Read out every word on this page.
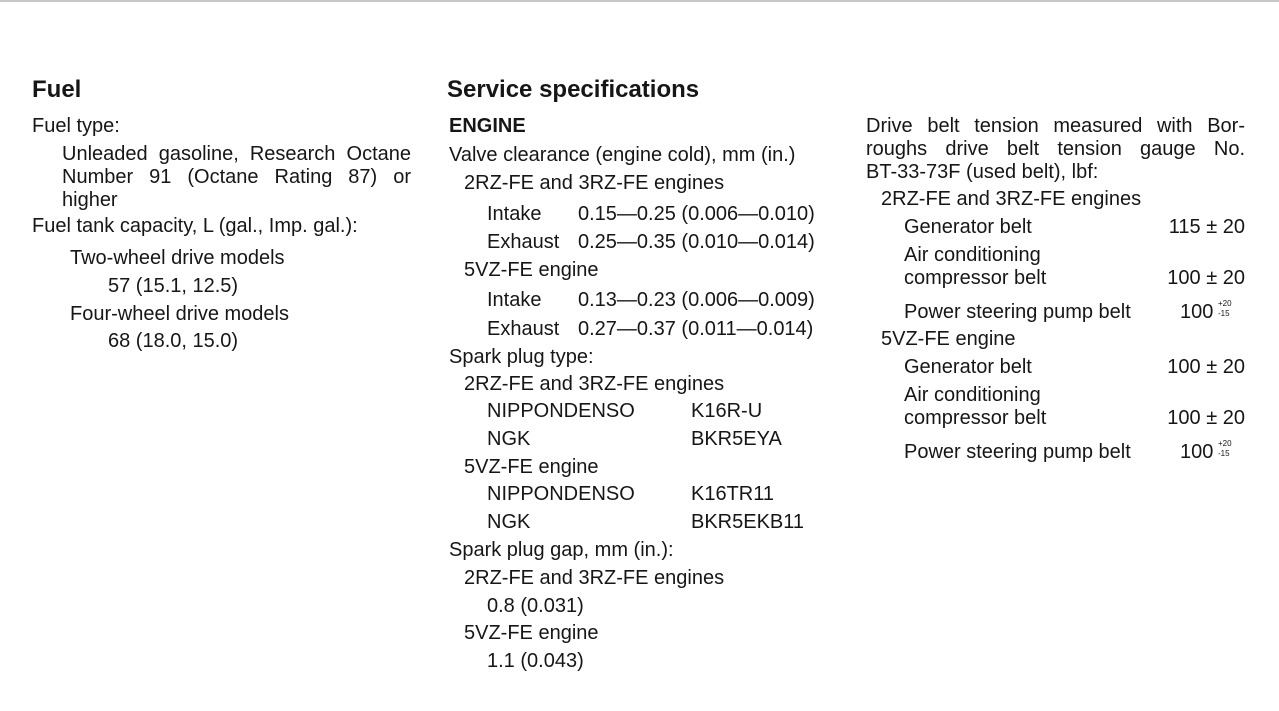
Fuel
Fuel type:
Unleaded gasoline, Research Octane
Number 91 (Octane Rating 87) or
higher
Fuel tank capacity, L (gal., Imp. gal.):
Two-wheel drive models
57 (15.1, 12.5)
Four-wheel drive models
68 (18.0, 15.0)
Service specifications
ENGINE
Valve clearance (engine cold), mm (in.)
2RZ-FE and 3RZ-FE engines
Intake 0.15—0.25 (0.006—0.010)
Exhaust 0.25—0.35 (0.010—0.014)
5VZ-FE engine
Intake 0.13—0.23 (0.006—0.009)
Exhaust 0.27—0.37 (0.011—0.014)
Spark plug type:
2RZ-FE and 3RZ-FE engines
NIPPONDENSO	K16R-U
NGK	BKR5EYA
5VZ-FE engine
NIPPONDENSO	K16TR11
NGK	BKR5EKB11
Spark plug gap, mm (in.):
2RZ-FE and 3RZ-FE engines
0.8 (0.031)
5VZ-FE engine
1.1 (0.043)
Drive belt tension measured with Bor-
roughs drive belt tension gauge No.
BT-33-73F (used belt), lbf:
2RZ-FE and 3RZ-FE engines
Generator belt	115 ± 20
Air conditioning
compressor belt	100 ± 20
Power steering pump belt 100 +20
-15
5VZ-FE engine
Generator belt	100 ± 20
Air conditioning
compressor belt	100 ± 20
Power steering pump belt 100 +20
-15
